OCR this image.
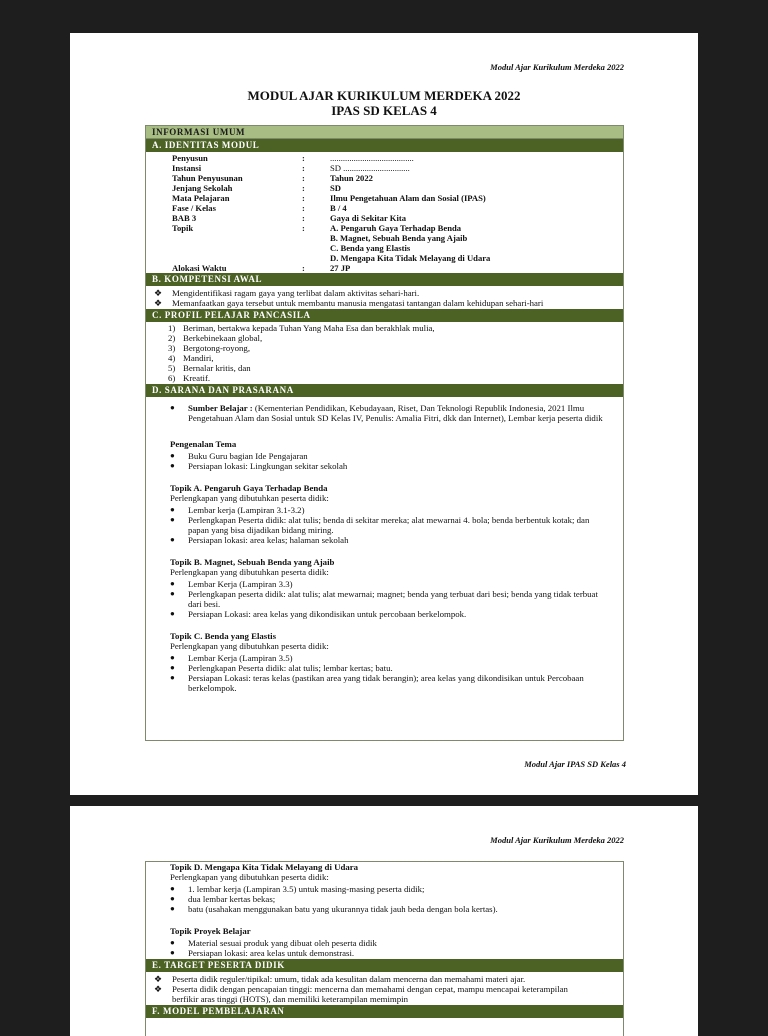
Modul Ajar Kurikulum Merdeka 2022
MODUL AJAR KURIKULUM MERDEKA 2022
IPAS SD KELAS 4
INFORMASI UMUM
A. IDENTITAS MODUL
Penyusun	:	.......................................
Instansi	:	SD ...............................
Tahun Penyusunan	:	Tahun 2022
Jenjang Sekolah	:	SD
Mata Pelajaran	:	Ilmu Pengetahuan Alam dan Sosial (IPAS)
Fase / Kelas	:	B / 4
BAB 3	:	Gaya di Sekitar Kita
Topik	:	A. Pengaruh Gaya Terhadap Benda
B. Magnet, Sebuah Benda yang Ajaib
C. Benda yang Elastis
D. Mengapa Kita Tidak Melayang di Udara
Alokasi Waktu	:	27 JP
B. KOMPETENSI AWAL
❖	Mengidentifikasi ragam gaya yang terlibat dalam aktivitas sehari-hari.
❖	Memanfaatkan gaya tersebut untuk membantu manusia mengatasi tantangan dalam kehidupan sehari-hari
C. PROFIL PELAJAR PANCASILA
1) Beriman, bertakwa kepada Tuhan Yang Maha Esa dan berakhlak mulia,
2) Berkebinekaan global,
3) Bergotong-royong,
4) Mandiri,
5) Bernalar kritis, dan
6) Kreatif.
D. SARANA DAN PRASARANA
●	Sumber Belajar : (Kementerian Pendidikan, Kebudayaan, Riset, Dan Teknologi Republik Indonesia, 2021 Ilmu Pengetahuan Alam dan Sosial untuk SD Kelas IV, Penulis: Amalia Fitri, dkk dan Internet), Lembar kerja peserta didik
Pengenalan Tema
●	Buku Guru bagian Ide Pengajaran
●	Persiapan lokasi: Lingkungan sekitar sekolah
Topik A. Pengaruh Gaya Terhadap Benda
Perlengkapan yang dibutuhkan peserta didik:
●	Lembar kerja (Lampiran 3.1-3.2)
●	Perlengkapan Peserta didik: alat tulis; benda di sekitar mereka; alat mewarnai 4. bola; benda berbentuk kotak; dan papan yang bisa dijadikan bidang miring.
●	Persiapan lokasi: area kelas; halaman sekolah
Topik B. Magnet, Sebuah Benda yang Ajaib
Perlengkapan yang dibutuhkan peserta didik:
●	Lembar Kerja (Lampiran 3.3)
●	Perlengkapan peserta didik: alat tulis; alat mewarnai; magnet; benda yang terbuat dari besi; benda yang tidak terbuat dari besi.
●	Persiapan Lokasi: area kelas yang dikondisikan untuk percobaan berkelompok.
Topik C. Benda yang Elastis
Perlengkapan yang dibutuhkan peserta didik:
●	Lembar Kerja (Lampiran 3.5)
●	Perlengkapan Peserta didik: alat tulis; lembar kertas; batu.
●	Persiapan Lokasi: teras kelas (pastikan area yang tidak berangin); area kelas yang dikondisikan untuk Percobaan berkelompok.
Modul Ajar IPAS SD Kelas 4
Modul Ajar Kurikulum Merdeka 2022
Topik D. Mengapa Kita Tidak Melayang di Udara
Perlengkapan yang dibutuhkan peserta didik:
●	1. lembar kerja (Lampiran 3.5) untuk masing-masing peserta didik;
●	dua lembar kertas bekas;
●	batu (usahakan menggunakan batu yang ukurannya tidak jauh beda dengan bola kertas).
Topik Proyek Belajar
●	Material sesuai produk yang dibuat oleh peserta didik
●	Persiapan lokasi: area kelas untuk demonstrasi.
E. TARGET PESERTA DIDIK
❖	Peserta didik reguler/tipikal: umum, tidak ada kesulitan dalam mencerna dan memahami materi ajar.
❖	Peserta didik dengan pencapaian tinggi: mencerna dan memahami dengan cepat, mampu mencapai keterampilan berfikir aras tinggi (HOTS), dan memiliki keterampilan memimpin
F. MODEL PEMBELAJARAN
